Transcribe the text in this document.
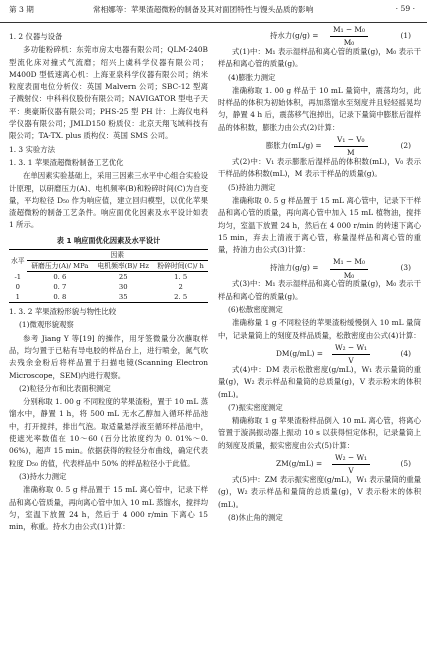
第 3 期	常相娜等：苹果渣超微粉的制备及其对面团特性与馒头品质的影响	· 59 ·

1. 2 仪器与设备

多功能粉碎机：东莞市房太电器有限公司；QLM-240B 型流化床对撞式气流磨；绍兴上虞科学仪器有限公司；M400D 型低速离心机：上海亚泉科学仪器有限公司；纳米粒度表面电位分析仪：英国 Malvern 公司；SBC-12 型离子溅射仪：中科科仪股份有限公司；NAVIGATOR 型电子天平：奥豪斯仪器有限公司；PHS-25 型 PH 计：上海仪电科学仪器有限公司；JMLD150 粉质仪：北京天翔飞域科技有限公司；TA-TX. plus 质构仪：英国 SMS 公司。

1. 3 实验方法

1. 3. 1 苹果渣超微粉制备工艺优化

在单因素实验基础上，采用三因素三水平中心组合实验设计原理，以研磨压力(A)、电机频率(B)和粉碎时间(C)为自变量，平均粒径 D₅₀ 作为响应值，建立回归模型，以优化苹果渣超微粉的制备工艺条件。响应面优化因素及水平设计如表 1 所示。

表 1 响应面优化因素及水平设计

水平	因素		
	研磨压力(A)/ MPa	电机频率(B)/ Hz	粉碎时间(C)/ h
-1	0. 6	25	1. 5
0	0. 7	30	2
1	0. 8	35	2. 5

1. 3. 2 苹果渣粉形貌与物性比较

(1)微观形貌观察

参考 Jiang Y 等[19] 的操作，用牙签微量分次蘸取样品，均匀置于已粘有导电胶的样品台上，进行喷金，氮气吹去残余金粉后将样品置于扫描电镜(Scanning Electron Microscope，SEM)内进行观察。

(2)粒径分布和比表面积测定

分别称取 1. 00 g 不同粒度的苹果渣粉，置于 10 mL 蒸馏水中，静置 1 h，将 500 mL 无水乙醇加入循环样品池中，打开搅拌，排出气泡。取适量悬浮液至循环样品池中，使遮光率数值在 10～60 (百分比浓度约为 0. 01%～0. 06%)，超声 15 min。依据获得的粒径分布曲线，确定代表粒度 D₅₀ 的值，代表样品中 50% 的样品粒径小于此值。

(3)持水力测定

准确称取 0. 5 g 样品置于 15 mL 离心管中，记录下样品和离心管质量，再向离心管中加入 10 mL 蒸馏水，搅拌均匀，室温下放置 24 h，然后于 4 000 r/min 下离心 15 min，称重。持水力由公式(1)计算：

持水力$(g/g) = \frac{\text{M₁ − M₀}}{\text{M₀}}$	(1)

式(1)中：M₁ 表示湿样品和离心管的质量(g)，M₀ 表示干样品和离心管的质量(g)。

(4)膨胀力测定

准确称取 1. 00 g 样品于 10 mL 量筒中，震荡均匀，此时样品的体积为初始体积，再加蒸馏水至刻度并且轻轻摇晃均匀，静置 4 h 后，震荡移气泡掉出，记录下量筒中膨胀后湿样品的体积数，膨胀力由公式(2)计算：

膨胀力$(mL/g) = \frac{\text{V₁ − V₀}}{M}$	(2)

式(2)中：V₁ 表示膨胀后湿样品的体积数(mL)，V₀ 表示干样品的体积数(mL)，M 表示干样品的质量(g)。

(5)持油力测定

准确称取 0. 5 g 样品置于 15 mL 离心管中，记录下干样品和离心管的质量，再向离心管中加入 15 mL 植物油，搅拌均匀，室温下放置 24 h，然后在 4 000 r/min 的转速下离心 15 min，弃去上清液于离心管，称量湿样品和离心管的重量，持油力由公式(3)计算：

持油力$(g/g) = \frac{\text{M₁ − M₀}}{\text{M₀}}$	(3)

式(3)中：M₁ 表示湿样品和离心管的质量(g)，M₀ 表示干样品和离心管的质量(g)。

(6)松散密度测定

准确称量 1 g 不同粒径的苹果渣粉缓慢倒入 10 mL 量筒中，记录量筒上的刻度及样品质量，松散密度由公式(4)计算：

$DM(g/mL) = \frac{\text{W₂ − W₁}}{V}$	(4)

式(4)中：DM 表示松散密度(g/mL)，W₁ 表示量筒的重量(g)，W₂ 表示样品和量筒的总质量(g)，V 表示粉末的体积(mL)。

(7)振实密度测定

精确称取 1 g 苹果渣粉样品倒入 10 mL 离心管，将离心管置于漩涡振动器上振动 10 s 以获得恒定体积，记录量筒上的刻度及质量，振实密度由公式(5)计算：

$ZM(g/mL) = \frac{\text{W₂ − W₁}}{V}$	(5)

式(5)中：ZM 表示振实密度(g/mL)，W₁ 表示量筒的重量(g)，W₂ 表示样品和量筒的总质量(g)，V 表示粉末的体积(mL)。

(8)休止角的测定
